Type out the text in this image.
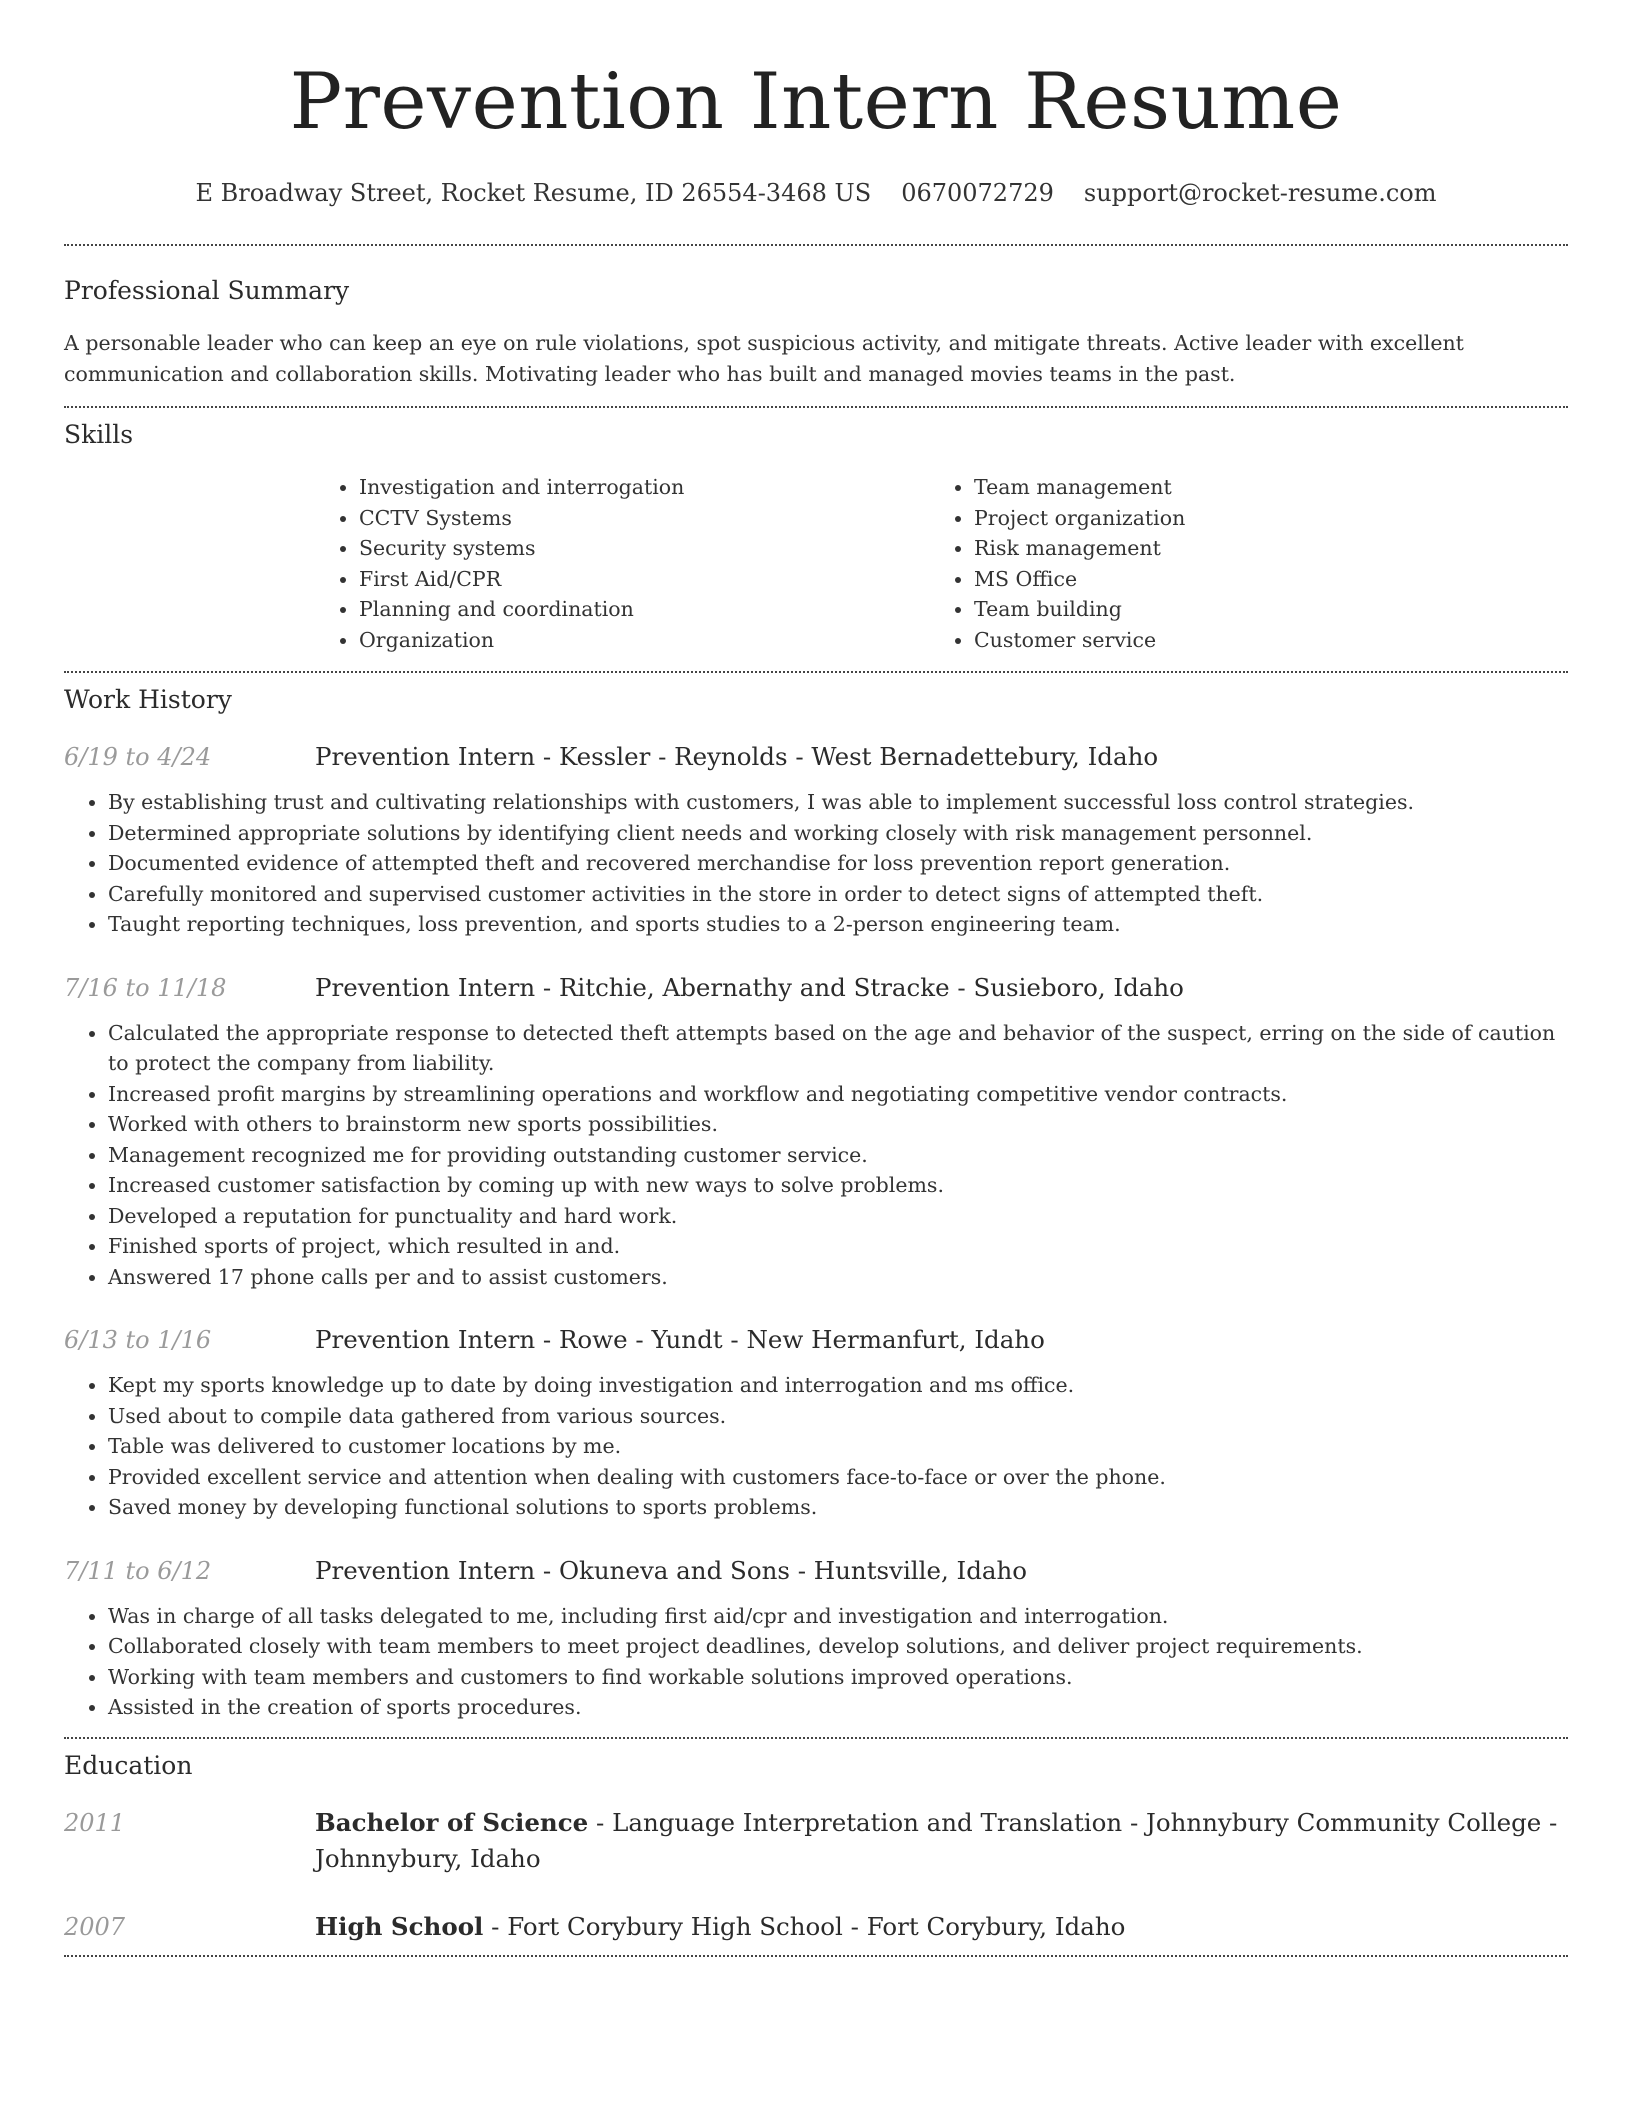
Prevention Intern Resume
E Broadway Street, Rocket Resume, ID 26554-3468 US 0670072729 support@rocket-resume.com
Professional Summary

A personable leader who can keep an eye on rule violations, spot suspicious activity, and mitigate threats. Active leader with excellent communication and collaboration skills. Motivating leader who has built and managed movies teams in the past.

Skills
• Investigation and interrogation
• CCTV Systems
• Security systems
• First Aid/CPR
• Planning and coordination
• Organization
• Team management
• Project organization
• Risk management
• MS Office
• Team building
• Customer service
Work History
6/19 to 4/24	Prevention Intern - Kessler - Reynolds - West Bernadettebury, Idaho
• By establishing trust and cultivating relationships with customers, I was able to implement successful loss control strategies.
• Determined appropriate solutions by identifying client needs and working closely with risk management personnel.
• Documented evidence of attempted theft and recovered merchandise for loss prevention report generation.
• Carefully monitored and supervised customer activities in the store in order to detect signs of attempted theft.
• Taught reporting techniques, loss prevention, and sports studies to a 2-person engineering team.
7/16 to 11/18	Prevention Intern - Ritchie, Abernathy and Stracke - Susieboro, Idaho
• Calculated the appropriate response to detected theft attempts based on the age and behavior of the suspect, erring on the side of caution to protect the company from liability.
• Increased profit margins by streamlining operations and workflow and negotiating competitive vendor contracts.
• Worked with others to brainstorm new sports possibilities.
• Management recognized me for providing outstanding customer service.
• Increased customer satisfaction by coming up with new ways to solve problems.
• Developed a reputation for punctuality and hard work.
• Finished sports of project, which resulted in and.
• Answered 17 phone calls per and to assist customers.
6/13 to 1/16	Prevention Intern - Rowe - Yundt - New Hermanfurt, Idaho
• Kept my sports knowledge up to date by doing investigation and interrogation and ms office.
• Used about to compile data gathered from various sources.
• Table was delivered to customer locations by me.
• Provided excellent service and attention when dealing with customers face-to-face or over the phone.
• Saved money by developing functional solutions to sports problems.
7/11 to 6/12	Prevention Intern - Okuneva and Sons - Huntsville, Idaho
• Was in charge of all tasks delegated to me, including first aid/cpr and investigation and interrogation.
• Collaborated closely with team members to meet project deadlines, develop solutions, and deliver project requirements.
• Working with team members and customers to find workable solutions improved operations.
• Assisted in the creation of sports procedures.
Education
2011	Bachelor of Science - Language Interpretation and Translation - Johnnybury Community College - Johnnybury, Idaho
2007	High School - Fort Corybury High School - Fort Corybury, Idaho
